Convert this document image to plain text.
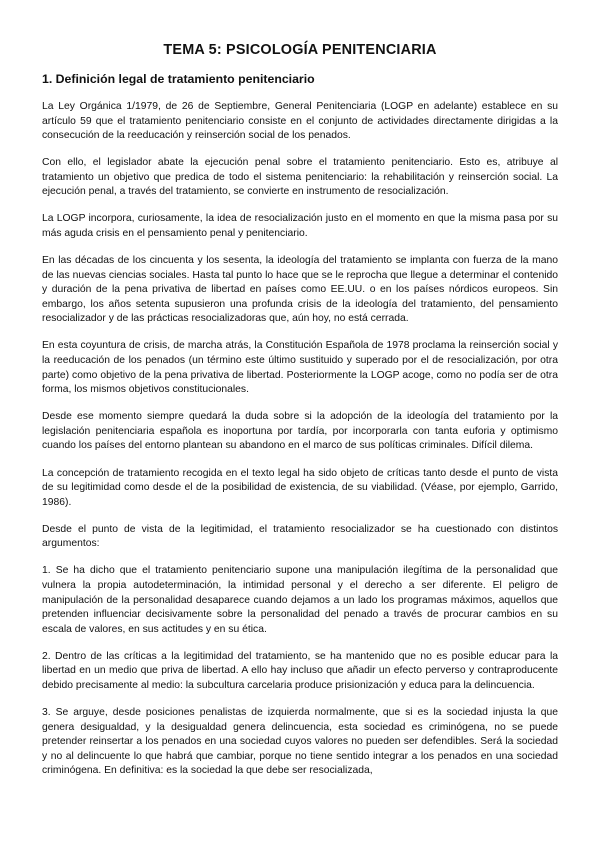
TEMA 5: PSICOLOGÍA PENITENCIARIA
1. Definición legal de tratamiento penitenciario

La Ley Orgánica 1/1979, de 26 de Septiembre, General Penitenciaria (LOGP en adelante) establece en su artículo 59 que el tratamiento penitenciario consiste en el conjunto de actividades directamente dirigidas a la consecución de la reeducación y reinserción social de los penados.

Con ello, el legislador abate la ejecución penal sobre el tratamiento penitenciario. Esto es, atribuye al tratamiento un objetivo que predica de todo el sistema penitenciario: la rehabilitación y reinserción social. La ejecución penal, a través del tratamiento, se convierte en instrumento de resocialización.

La LOGP incorpora, curiosamente, la idea de resocialización justo en el momento en que la misma pasa por su más aguda crisis en el pensamiento penal y penitenciario.

En las décadas de los cincuenta y los sesenta, la ideología del tratamiento se implanta con fuerza de la mano de las nuevas ciencias sociales. Hasta tal punto lo hace que se le reprocha que llegue a determinar el contenido y duración de la pena privativa de libertad en países como EE.UU. o en los países nórdicos europeos. Sin embargo, los años setenta supusieron una profunda crisis de la ideología del tratamiento, del pensamiento resocializador y de las prácticas resocializadoras que, aún hoy, no está cerrada.

En esta coyuntura de crisis, de marcha atrás, la Constitución Española de 1978 proclama la reinserción social y la reeducación de los penados (un término este último sustituido y superado por el de resocialización, por otra parte) como objetivo de la pena privativa de libertad. Posteriormente la LOGP acoge, como no podía ser de otra forma, los mismos objetivos constitucionales.

Desde ese momento siempre quedará la duda sobre si la adopción de la ideología del tratamiento por la legislación penitenciaria española es inoportuna por tardía, por incorporarla con tanta euforia y optimismo cuando los países del entorno plantean su abandono en el marco de sus políticas criminales. Difícil dilema.

La concepción de tratamiento recogida en el texto legal ha sido objeto de críticas tanto desde el punto de vista de su legitimidad como desde el de la posibilidad de existencia, de su viabilidad. (Véase, por ejemplo, Garrido, 1986).

Desde el punto de vista de la legitimidad, el tratamiento resocializador se ha cuestionado con distintos argumentos:

1. Se ha dicho que el tratamiento penitenciario supone una manipulación ilegítima de la personalidad que vulnera la propia autodeterminación, la intimidad personal y el derecho a ser diferente. El peligro de manipulación de la personalidad desaparece cuando dejamos a un lado los programas máximos, aquellos que pretenden influenciar decisivamente sobre la personalidad del penado a través de procurar cambios en su escala de valores, en sus actitudes y en su ética.

2. Dentro de las críticas a la legitimidad del tratamiento, se ha mantenido que no es posible educar para la libertad en un medio que priva de libertad. A ello hay incluso que añadir un efecto perverso y contraproducente debido precisamente al medio: la subcultura carcelaria produce prisionización y educa para la delincuencia.

3. Se arguye, desde posiciones penalistas de izquierda normalmente, que si es la sociedad injusta la que genera desigualdad, y la desigualdad genera delincuencia, esta sociedad es criminógena, no se puede pretender reinsertar a los penados en una sociedad cuyos valores no pueden ser defendibles. Será la sociedad y no al delincuente lo que habrá que cambiar, porque no tiene sentido integrar a los penados en una sociedad criminógena. En definitiva: es la sociedad la que debe ser resocializada,
